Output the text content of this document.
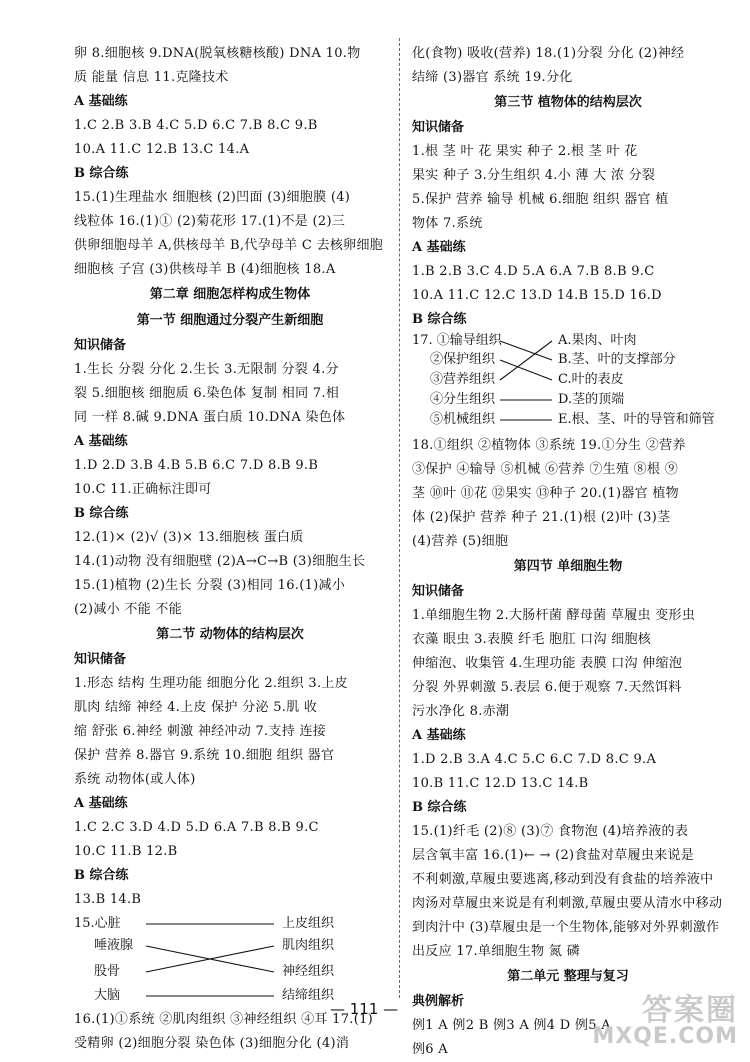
卵 8.细胞核 9.DNA(脱氧核糖核酸) DNA 10.物
质 能量 信息 11.克隆技术
A 基础练
1.C 2.B 3.B 4.C 5.D 6.C 7.B 8.C 9.B
10.A 11.C 12.B 13.C 14.A
B 综合练
15.(1)生理盐水 细胞核 (2)凹面 (3)细胞膜 (4)
线粒体 16.(1)① (2)菊花形 17.(1)不是 (2)三
供卵细胞母羊 A,供核母羊 B,代孕母羊 C 去核卵细胞
细胞核 子宫 (3)供核母羊 B (4)细胞核 18.A
第二章 细胞怎样构成生物体
第一节 细胞通过分裂产生新细胞
知识储备
1.生长 分裂 分化 2.生长 3.无限制 分裂 4.分
裂 5.细胞核 细胞质 6.染色体 复制 相同 7.相
同 一样 8.碱 9.DNA 蛋白质 10.DNA 染色体
A 基础练
1.D 2.D 3.B 4.B 5.B 6.C 7.D 8.B 9.B
10.C 11.正确标注即可
B 综合练
12.(1)× (2)√ (3)× 13.细胞核 蛋白质
14.(1)动物 没有细胞壁 (2)A→C→B (3)细胞生长
15.(1)植物 (2)生长 分裂 (3)相同 16.(1)减小
(2)减小 不能 不能
第二节 动物体的结构层次
知识储备
1.形态 结构 生理功能 细胞分化 2.组织 3.上皮
肌肉 结缔 神经 4.上皮 保护 分泌 5.肌 收
缩 舒张 6.神经 刺激 神经冲动 7.支持 连接
保护 营养 8.器官 9.系统 10.细胞 组织 器官
系统 动物体(或人体)
A 基础练
1.C 2.C 3.D 4.D 5.D 6.A 7.B 8.B 9.C
10.C 11.B 12.B
B 综合练
13.B 14.B
15.心脏
唾液腺
股骨
大脑
上皮组织
肌肉组织
神经组织
结缔组织
16.(1)①系统 ②肌肉组织 ③神经组织 ④耳 17.(1)
受精卵 (2)细胞分裂 染色体 (3)细胞分化 (4)消
化(食物) 吸收(营养) 18.(1)分裂 分化 (2)神经
结缔 (3)器官 系统 19.分化
第三节 植物体的结构层次
知识储备
1.根 茎 叶 花 果实 种子 2.根 茎 叶 花
果实 种子 3.分生组织 4.小 薄 大 浓 分裂
5.保护 营养 输导 机械 6.细胞 组织 器官 植
物体 7.系统
A 基础练
1.B 2.B 3.C 4.D 5.A 6.A 7.B 8.B 9.C
10.A 11.C 12.C 13.D 14.B 15.D 16.D
B 综合练
17. ①输导组织
②保护组织
③营养组织
④分生组织
⑤机械组织
A.果肉、叶肉
B.茎、叶的支撑部分
C.叶的表皮
D.茎的顶端
E.根、茎、叶的导管和筛管
18.①组织 ②植物体 ③系统 19.①分生 ②营养
③保护 ④输导 ⑤机械 ⑥营养 ⑦生殖 ⑧根 ⑨
茎 ⑩叶 ⑪花 ⑫果实 ⑬种子 20.(1)器官 植物
体 (2)保护 营养 种子 21.(1)根 (2)叶 (3)茎
(4)营养 (5)细胞
第四节 单细胞生物
知识储备
1.单细胞生物 2.大肠杆菌 酵母菌 草履虫 变形虫
衣藻 眼虫 3.表膜 纤毛 胞肛 口沟 细胞核
伸缩泡、收集管 4.生理功能 表膜 口沟 伸缩泡
分裂 外界刺激 5.表层 6.便于观察 7.天然饵料
污水净化 8.赤潮
A 基础练
1.D 2.B 3.A 4.C 5.C 6.C 7.D 8.C 9.A
10.B 11.C 12.D 13.C 14.B
B 综合练
15.(1)纤毛 (2)⑧ (3)⑦ 食物泡 (4)培养液的表
层含氧丰富 16.(1)← → (2)食盐对草履虫来说是
不利刺激,草履虫要逃离,移动到没有食盐的培养液中
肉汤对草履虫来说是有利刺激,草履虫要从清水中移动
到肉汁中 (3)草履虫是一个生物体,能够对外界刺激作
出反应 17.单细胞生物 氮 磷
第二单元 整理与复习
典例解析
例1 A 例2 B 例3 A 例4 D 例5 A
例6 A
— 111 —	答案圈
MXQE.COM
